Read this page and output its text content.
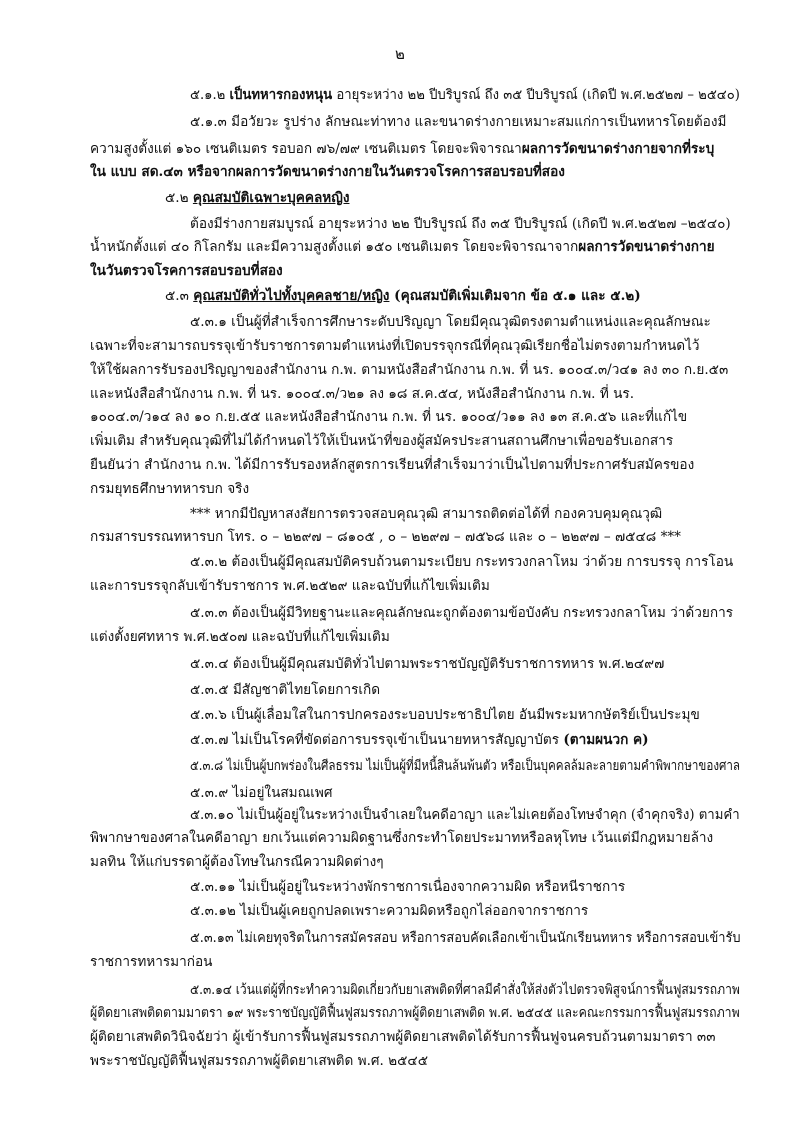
๒
๕.๑.๒ เป็นทหารกองหนุน อายุระหว่าง ๒๒ ปีบริบูรณ์ ถึง ๓๕ ปีบริบูรณ์ (เกิดปี พ.ศ.๒๕๒๗ – ๒๕๔๐)
๕.๑.๓ มีอวัยวะ รูปร่าง ลักษณะท่าทาง และขนาดร่างกายเหมาะสมแก่การเป็นทหารโดยต้องมี
ความสูงตั้งแต่ ๑๖๐ เซนติเมตร รอบอก ๗๖/๗๙ เซนติเมตร โดยจะพิจารณาผลการวัดขนาดร่างกายจากที่ระบุ
ใน แบบ สด.๔๓ หรือจากผลการวัดขนาดร่างกายในวันตรวจโรคการสอบรอบที่สอง
๕.๒ คุณสมบัติเฉพาะบุคคลหญิง
ต้องมีร่างกายสมบูรณ์ อายุระหว่าง ๒๒ ปีบริบูรณ์ ถึง ๓๕ ปีบริบูรณ์ (เกิดปี พ.ศ.๒๕๒๗ –๒๕๔๐)
น้ำหนักตั้งแต่ ๔๐ กิโลกรัม และมีความสูงตั้งแต่ ๑๕๐ เซนติเมตร โดยจะพิจารณาจากผลการวัดขนาดร่างกาย
ในวันตรวจโรคการสอบรอบที่สอง
๕.๓ คุณสมบัติทั่วไปทั้งบุคคลชาย/หญิง (คุณสมบัติเพิ่มเติมจาก ข้อ ๕.๑ และ ๕.๒)
๕.๓.๑ เป็นผู้ที่สำเร็จการศึกษาระดับปริญญา โดยมีคุณวุฒิตรงตามตำแหน่งและคุณลักษณะ
เฉพาะที่จะสามารถบรรจุเข้ารับราชการตามตำแหน่งที่เปิดบรรจุกรณีที่คุณวุฒิเรียกชื่อไม่ตรงตามกำหนดไว้
ให้ใช้ผลการรับรองปริญญาของสำนักงาน ก.พ. ตามหนังสือสำนักงาน ก.พ. ที่ นร. ๑๐๐๔.๓/ว๔๑ ลง ๓๐ ก.ย.๕๓
และหนังสือสำนักงาน ก.พ. ที่ นร. ๑๐๐๔.๓/ว๒๑ ลง ๑๘ ส.ค.๕๔, หนังสือสำนักงาน ก.พ. ที่ นร.
๑๐๐๔.๓/ว๑๔ ลง ๑๐ ก.ย.๕๕ และหนังสือสำนักงาน ก.พ. ที่ นร. ๑๐๐๔/ว๑๑ ลง ๑๓ ส.ค.๕๖ และที่แก้ไข
เพิ่มเติม สำหรับคุณวุฒิที่ไม่ได้กำหนดไว้ให้เป็นหน้าที่ของผู้สมัครประสานสถานศึกษาเพื่อขอรับเอกสาร
ยืนยันว่า สำนักงาน ก.พ. ได้มีการรับรองหลักสูตรการเรียนที่สำเร็จมาว่าเป็นไปตามที่ประกาศรับสมัครของ
กรมยุทธศึกษาทหารบก จริง
*** หากมีปัญหาสงสัยการตรวจสอบคุณวุฒิ สามารถติดต่อได้ที่ กองควบคุมคุณวุฒิ
กรมสารบรรณทหารบก โทร. ๐ – ๒๒๙๗ – ๘๑๐๕ , ๐ – ๒๒๙๗ – ๗๕๖๘ และ ๐ – ๒๒๙๗ – ๗๕๔๘ ***
๕.๓.๒ ต้องเป็นผู้มีคุณสมบัติครบถ้วนตามระเบียบ กระทรวงกลาโหม ว่าด้วย การบรรจุ การโอน
และการบรรจุกลับเข้ารับราชการ พ.ศ.๒๕๒๙ และฉบับที่แก้ไขเพิ่มเติม
๕.๓.๓ ต้องเป็นผู้มีวิทยฐานะและคุณลักษณะถูกต้องตามข้อบังคับ กระทรวงกลาโหม ว่าด้วยการ
แต่งตั้งยศทหาร พ.ศ.๒๕๐๗ และฉบับที่แก้ไขเพิ่มเติม
๕.๓.๔ ต้องเป็นผู้มีคุณสมบัติทั่วไปตามพระราชบัญญัติรับราชการทหาร พ.ศ.๒๔๙๗
๕.๓.๕ มีสัญชาติไทยโดยการเกิด
๕.๓.๖ เป็นผู้เลื่อมใสในการปกครองระบอบประชาธิปไตย อันมีพระมหากษัตริย์เป็นประมุข
๕.๓.๗ ไม่เป็นโรคที่ขัดต่อการบรรจุเข้าเป็นนายทหารสัญญาบัตร (ตามผนวก ค)
๕.๓.๘ ไม่เป็นผู้บกพร่องในศีลธรรม ไม่เป็นผู้ที่มีหนี้สินล้นพ้นตัว หรือเป็นบุคคลล้มละลายตามคำพิพากษาของศาล
๕.๓.๙ ไม่อยู่ในสมณเพศ
๕.๓.๑๐ ไม่เป็นผู้อยู่ในระหว่างเป็นจำเลยในคดีอาญา และไม่เคยต้องโทษจำคุก (จำคุกจริง) ตามคำ
พิพากษาของศาลในคดีอาญา ยกเว้นแต่ความผิดฐานซึ่งกระทำโดยประมาทหรือลหุโทษ เว้นแต่มีกฎหมายล้าง
มลทิน ให้แก่บรรดาผู้ต้องโทษในกรณีความผิดต่างๆ
๕.๓.๑๑ ไม่เป็นผู้อยู่ในระหว่างพักราชการเนื่องจากความผิด หรือหนีราชการ
๕.๓.๑๒ ไม่เป็นผู้เคยถูกปลดเพราะความผิดหรือถูกไล่ออกจากราชการ
๕.๓.๑๓ ไม่เคยทุจริตในการสมัครสอบ หรือการสอบคัดเลือกเข้าเป็นนักเรียนทหาร หรือการสอบเข้ารับ
ราชการทหารมาก่อน
๕.๓.๑๔ เว้นแต่ผู้ที่กระทำความผิดเกี่ยวกับยาเสพติดที่ศาลมีคำสั่งให้ส่งตัวไปตรวจพิสูจน์การฟื้นฟูสมรรถภาพ
ผู้ติดยาเสพติดตามมาตรา ๑๙ พระราชบัญญัติฟื้นฟูสมรรถภาพผู้ติดยาเสพติด พ.ศ. ๒๕๔๕ และคณะกรรมการฟื้นฟูสมรรถภาพ
ผู้ติดยาเสพติดวินิจฉัยว่า ผู้เข้ารับการฟื้นฟูสมรรถภาพผู้ติดยาเสพติดได้รับการฟื้นฟูจนครบถ้วนตามมาตรา ๓๓
พระราชบัญญัติฟื้นฟูสมรรถภาพผู้ติดยาเสพติด พ.ศ. ๒๕๔๕
